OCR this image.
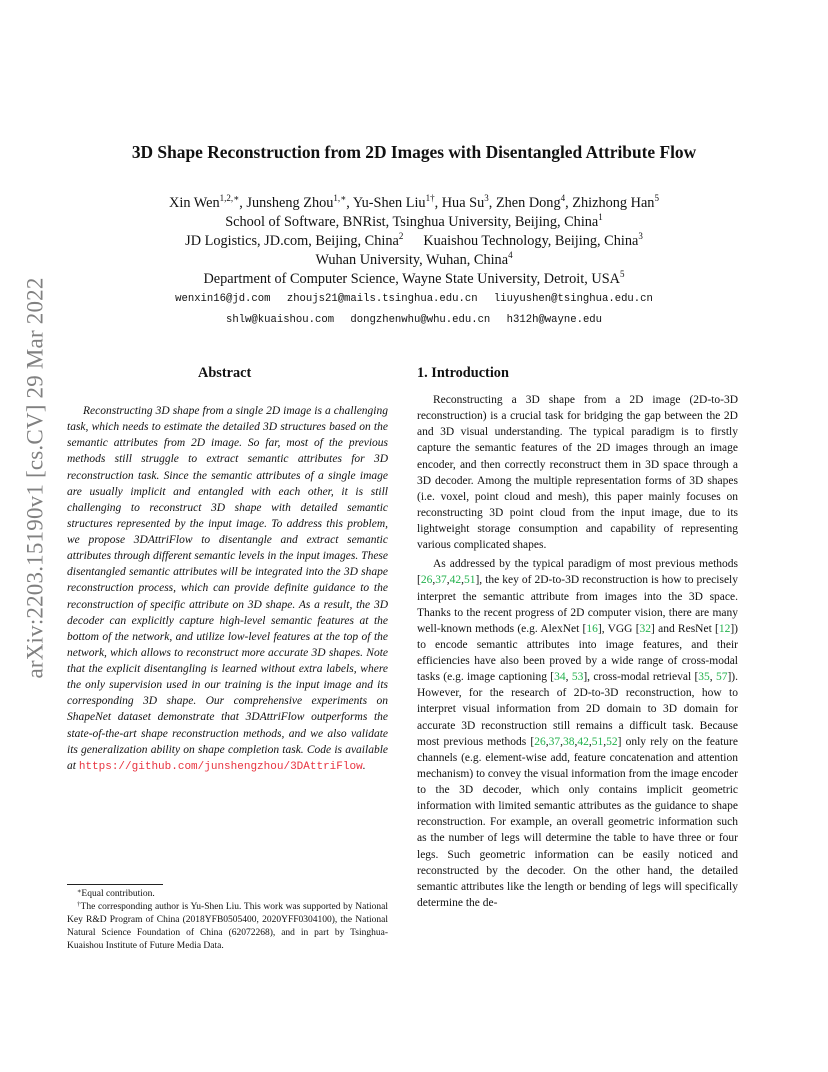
arXiv:2203.15190v1 [cs.CV] 29 Mar 2022
3D Shape Reconstruction from 2D Images with Disentangled Attribute Flow
Xin Wen$^{1,2,∗}$, Junsheng Zhou$^{1,∗}$, Yu-Shen Liu$^{1\dagger}$, Hua Su$^3$, Zhen Dong$^4$, Zhizhong Han$^5$
School of Software, BNRist, Tsinghua University, Beijing, China$^1$
JD Logistics, JD.com, Beijing, China$^2$ Kuaishou Technology, Beijing, China$^3$
Wuhan University, Wuhan, China$^4$
Department of Computer Science, Wayne State University, Detroit, USA$^5$
wenxin16@jd.com zhoujs21@mails.tsinghua.edu.cn liuyushen@tsinghua.edu.cn
shlw@kuaishou.com dongzhenwhu@whu.edu.cn h312h@wayne.edu
Abstract

Reconstructing 3D shape from a single 2D image is a challenging task, which needs to estimate the detailed 3D structures based on the semantic attributes from 2D image. So far, most of the previous methods still struggle to extract semantic attributes for 3D reconstruction task. Since the semantic attributes of a single image are usually implicit and entangled with each other, it is still challenging to reconstruct 3D shape with detailed semantic structures represented by the input image. To address this problem, we propose 3DAttriFlow to disentangle and extract semantic attributes through different semantic levels in the input images. These disentangled semantic attributes will be integrated into the 3D shape reconstruction process, which can provide definite guidance to the reconstruction of specific attribute on 3D shape. As a result, the 3D decoder can explicitly capture high-level semantic features at the bottom of the network, and utilize low-level features at the top of the network, which allows to reconstruct more accurate 3D shapes. Note that the explicit disentangling is learned without extra labels, where the only supervision used in our training is the input image and its corresponding 3D shape. Our comprehensive experiments on ShapeNet dataset demonstrate that 3DAttriFlow outperforms the state-of-the-art shape reconstruction methods, and we also validate its generalization ability on shape completion task. Code is available at https://github.com/junshengzhou/3DAttriFlow.

∗Equal contribution.

†The corresponding author is Yu-Shen Liu. This work was supported by National Key R&D Program of China (2018YFB0505400, 2020YFF0304100), the National Natural Science Foundation of China (62072268), and in part by Tsinghua-Kuaishou Institute of Future Media Data.

1. Introduction

Reconstructing a 3D shape from a 2D image (2D-to-3D reconstruction) is a crucial task for bridging the gap between the 2D and 3D visual understanding. The typical paradigm is to firstly capture the semantic features of the 2D images through an image encoder, and then correctly reconstruct them in 3D space through a 3D decoder. Among the multiple representation forms of 3D shapes (i.e. voxel, point cloud and mesh), this paper mainly focuses on reconstructing 3D point cloud from the input image, due to its lightweight storage consumption and capability of representing various complicated shapes.

As addressed by the typical paradigm of most previous methods [26,37,42,51], the key of 2D-to-3D reconstruction is how to precisely interpret the semantic attribute from images into the 3D space. Thanks to the recent progress of 2D computer vision, there are many well-known methods (e.g. AlexNet [16], VGG [32] and ResNet [12]) to encode semantic attributes into image features, and their efficiencies have also been proved by a wide range of cross-modal tasks (e.g. image captioning [34, 53], cross-modal retrieval [35, 57]). However, for the research of 2D-to-3D reconstruction, how to interpret visual information from 2D domain to 3D domain for accurate 3D reconstruction still remains a difficult task. Because most previous methods [26,37,38,42,51,52] only rely on the feature channels (e.g. element-wise add, feature concatenation and attention mechanism) to convey the visual information from the image encoder to the 3D decoder, which only contains implicit geometric information with limited semantic attributes as the guidance to shape reconstruction. For example, an overall geometric information such as the number of legs will determine the table to have three or four legs. Such geometric information can be easily noticed and reconstructed by the decoder. On the other hand, the detailed semantic attributes like the length or bending of legs will specifically determine the de-
